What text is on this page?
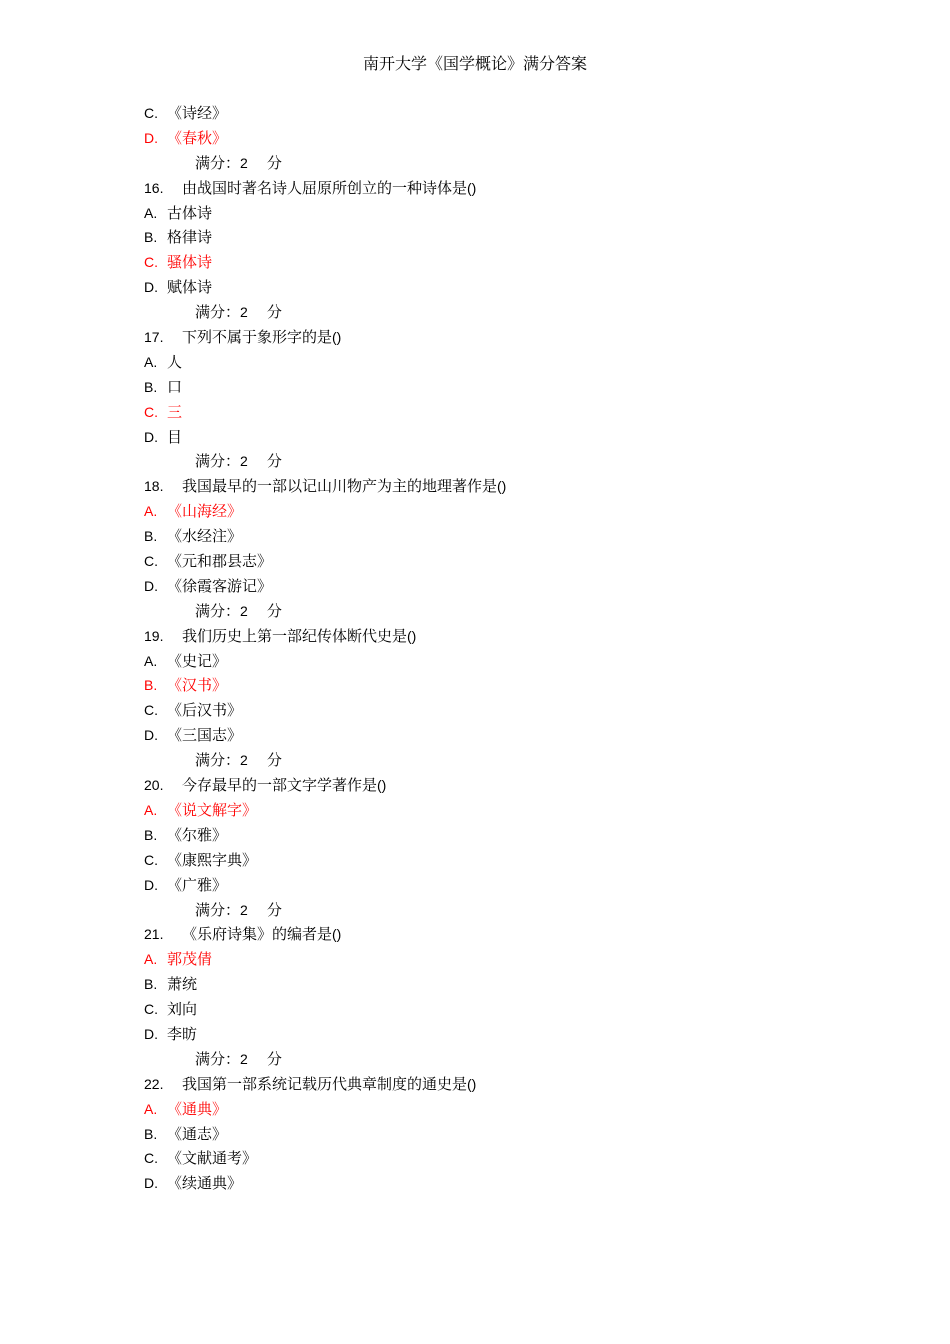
南开大学《国学概论》满分答案
C. 《诗经》
D. 《春秋》
满分：2 分
16. 由战国时著名诗人屈原所创立的一种诗体是()
A. 古体诗
B. 格律诗
C. 骚体诗
D. 赋体诗
满分：2 分
17. 下列不属于象形字的是()
A. 人
B. 口
C. 三
D. 目
满分：2 分
18. 我国最早的一部以记山川物产为主的地理著作是()
A. 《山海经》
B. 《水经注》
C. 《元和郡县志》
D. 《徐霞客游记》
满分：2 分
19. 我们历史上第一部纪传体断代史是()
A. 《史记》
B. 《汉书》
C. 《后汉书》
D. 《三国志》
满分：2 分
20. 今存最早的一部文字学著作是()
A. 《说文解字》
B. 《尔雅》
C. 《康熙字典》
D. 《广雅》
满分：2 分
21. 《乐府诗集》的编者是()
A. 郭茂倩
B. 萧统
C. 刘向
D. 李昉
满分：2 分
22. 我国第一部系统记载历代典章制度的通史是()
A. 《通典》
B. 《通志》
C. 《文献通考》
D. 《续通典》
